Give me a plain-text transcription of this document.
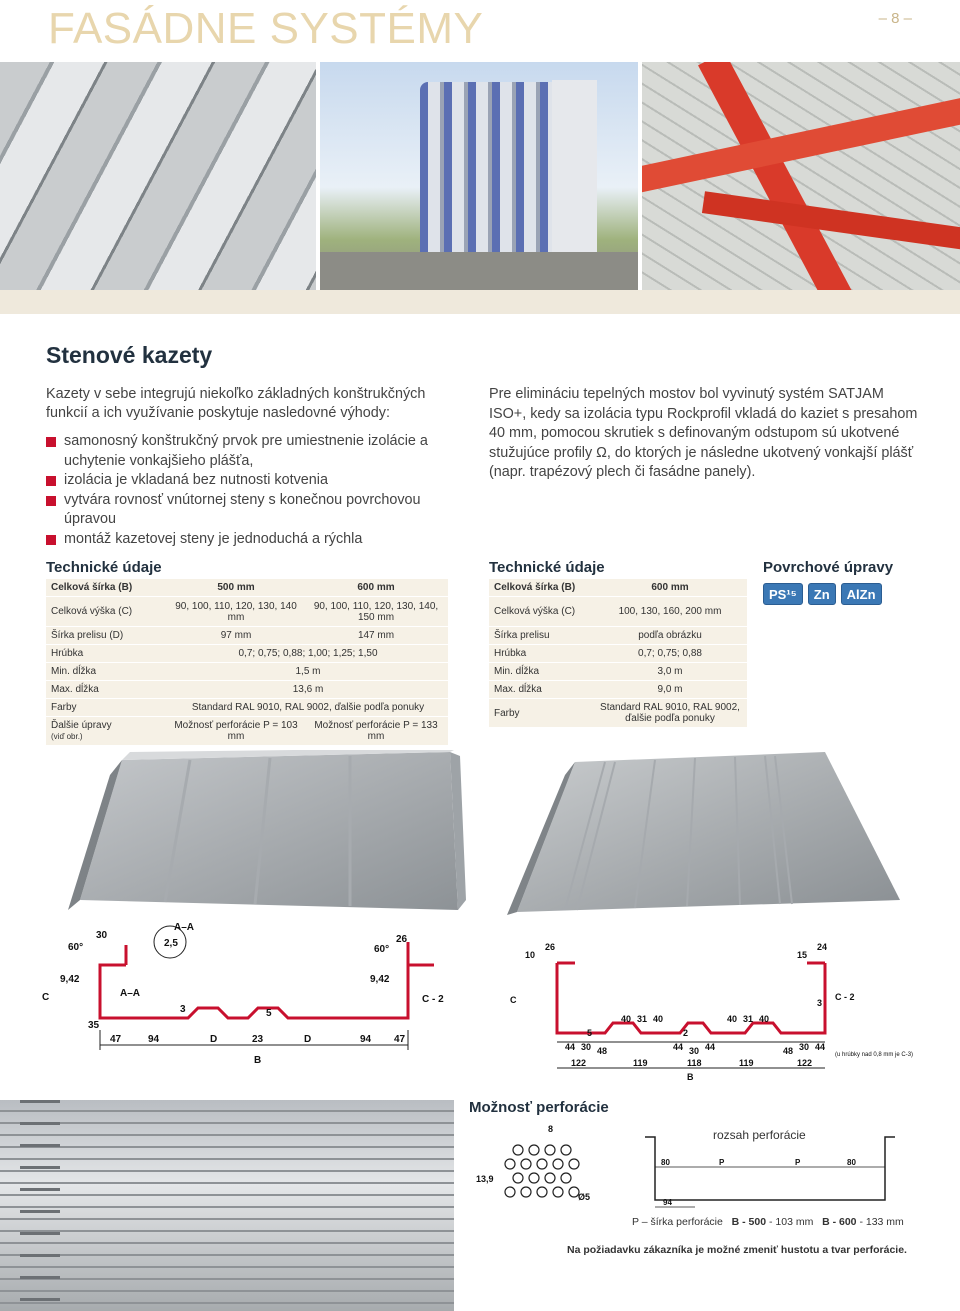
FASÁDNE SYSTÉMY	– 8 –
Stenové kazety

Kazety v sebe integrujú niekoľko základných konštrukčných funkcií a ich využívanie poskytuje nasledovné výhody:

samonosný konštrukčný prvok pre umiestnenie izolácie a uchytenie vonkajšieho plášťa,
izolácia je vkladaná bez nutnosti kotvenia
vytvára rovnosť vnútornej steny s konečnou povrchovou úpravou
montáž kazetovej steny je jednoduchá a rýchla

Pre elimináciu tepelných mostov bol vyvinutý systém SATJAM ISO+, kedy sa izolácia typu Rockprofil vkladá do kaziet s presahom 40 mm, pomocou skrutiek s definovaným odstupom sú ukotvené stužujúce profily Ω, do ktorých je následne ukotvený vonkajší plášť (napr. trapézový plech či fasádne panely).

Technické údaje
Celková šírka (B)	500 mm	600 mm
Celková výška (C)	90, 100, 110, 120, 130, 140 mm	90, 100, 110, 120, 130, 140, 150 mm
Šírka prelisu (D)	97 mm	147 mm
Hrúbka	0,7; 0,75; 0,88; 1,00; 1,25; 1,50	
Min. dĺžka	1,5 m	
Max. dĺžka	13,6 m	
Farby	Standard RAL 9010, RAL 9002, ďalšie podľa ponuky	
Ďalšie úpravy
(viď obr.)	Možnosť perforácie P = 103 mm	Možnosť perforácie P = 133 mm
Technické údaje
Celková šírka (B)	600 mm
Celková výška (C)	100, 130, 160, 200 mm
Šírka prelisu	podľa obrázku
Hrúbka	0,7; 0,75; 0,88
Min. dĺžka	3,0 m
Max. dĺžka	9,0 m
Farby	Standard RAL 9010, RAL 9002, ďalšie podľa ponuky
Povrchové úpravy
PS¹⁵	Zn	AlZn
30
60°	2,5
A–A
9,42
C	A–A
3	5
35
47	94	D	23	D	94 47
B
60°
26
9,42
C - 2
10
26
C
40 31 40
5	2
40 31 40
15
24
3
C - 2
(u hrúbky nad 0,8 mm je C-3)
44 30 48	44 30 44	48 30 44
122	119	118	119	122
B
Možnosť perforácie
8
13,9
Ø5
rozsah perforácie
80	P	P	80
94
P – šírka perforácie B - 500 - 103 mm B - 600 - 133 mm
Na požiadavku zákazníka je možné zmeniť hustotu a tvar perforácie.
